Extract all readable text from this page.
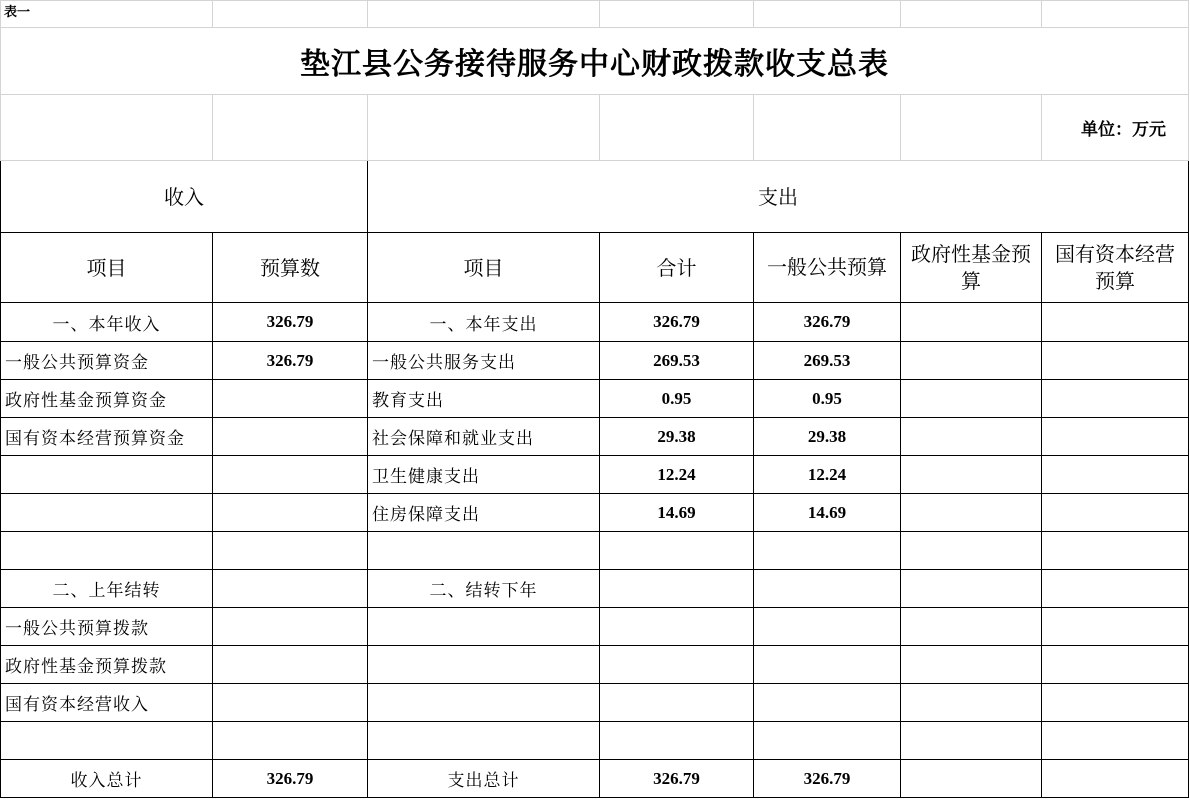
表一						
垫江县公务接待服务中心财政拨款收支总表						
						单位：万元
收入		支出				
项目	预算数	项目	合计	一般公共预算	政府性基金预算	国有资本经营预算
一、本年收入	326.79	一、本年支出	326.79	326.79		
一般公共预算资金	326.79	一般公共服务支出	269.53	269.53		
政府性基金预算资金		教育支出	0.95	0.95		
国有资本经营预算资金		社会保障和就业支出	29.38	29.38		
		卫生健康支出	12.24	12.24		
		住房保障支出	14.69	14.69		

二、上年结转		二、结转下年				
一般公共预算拨款						
政府性基金预算拨款						
国有资本经营收入						

收入总计	326.79	支出总计	326.79	326.79		
